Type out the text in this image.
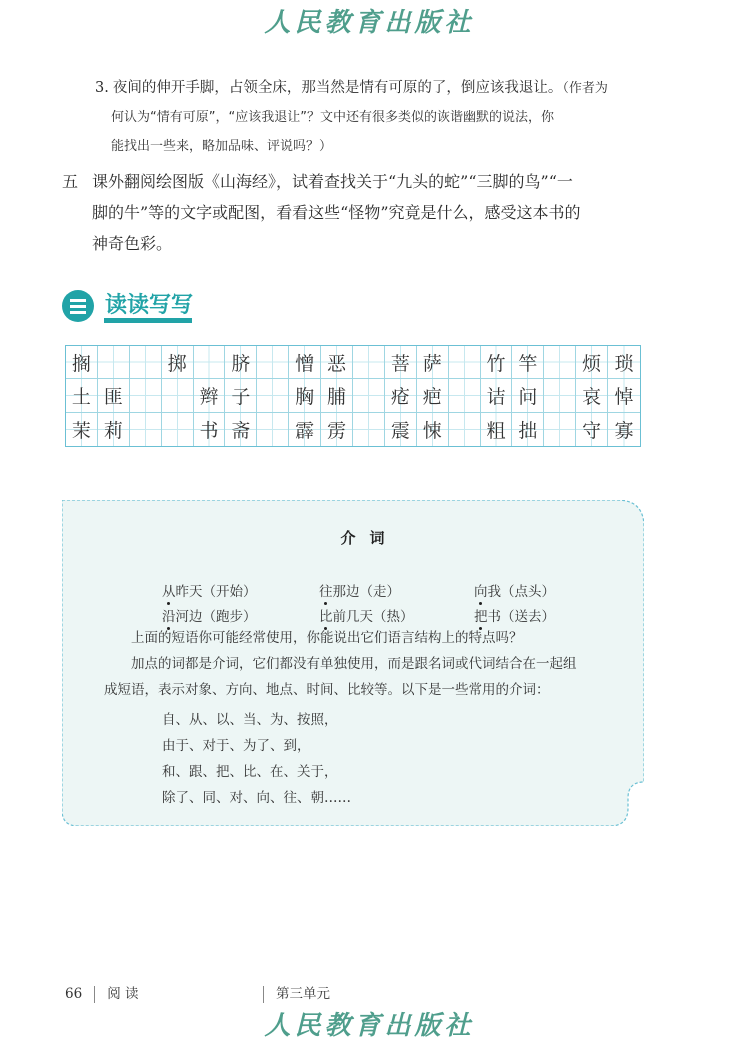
人民教育出版社
3. 夜间的伸开手脚，占领全床，那当然是情有可原的了，倒应该我退让。（作者为
何认为“情有可原”，“应该我退让”？文中还有很多类似的诙谐幽默的说法，你
能找出一些来，略加品味、评说吗？）
五 课外翻阅绘图版《山海经》，试着查找关于“九头的蛇”“三脚的鸟”“一
脚的牛”等的文字或配图，看看这些“怪物”究竟是什么，感受这本书的
神奇色彩。
读读写写
搁	掷 脐 憎 恶 菩 萨 竹 竿 烦 琐
土 匪	辫 子 胸 脯 疮 疤 诘 问 哀 悼
茉 莉	书 斋 霹 雳 震 悚 粗 拙 守 寡
介词
从昨天（开始）	往那边（走）	向我（点头）
沿河边（跑步）	比前几天（热）	把书（送去）
上面的短语你可能经常使用，你能说出它们语言结构上的特点吗？
加点的词都是介词，它们都没有单独使用，而是跟名词或代词结合在一起组
成短语，表示对象、方向、地点、时间、比较等。以下是一些常用的介词：
自、从、以、当、为、按照，
由于、对于、为了、到，
和、跟、把、比、在、关于，
除了、同、对、向、往、朝……
66 阅 读	第三单元
人民教育出版社
